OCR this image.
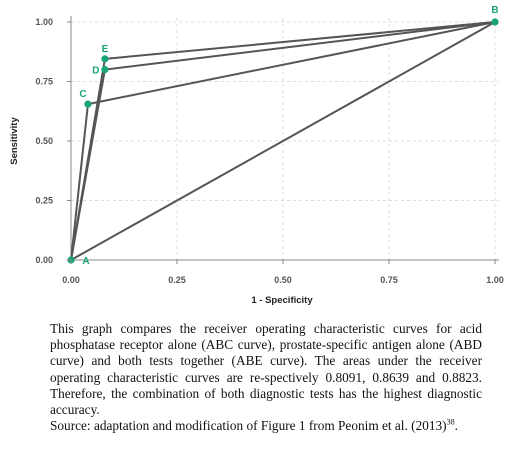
A
B
C
D
E
0.00	0.25	0.50	0.75	1.00
0.00
0.25
0.50
0.75
1.00
1 - Specificity
Sensitivity

This graph compares the receiver operating characteristic curves for acid phosphatase receptor alone (ABC curve), prostate-specific antigen alone (ABD curve) and both tests together (ABE curve). The areas under the receiver operating characteristic curves are re-spectively 0.8091, 0.8639 and 0.8823. Therefore, the combination of both diagnostic tests has the highest diagnostic accuracy.
Source: adaptation and modification of Figure 1 from Peonim et al. $(2013)^{38}$.
